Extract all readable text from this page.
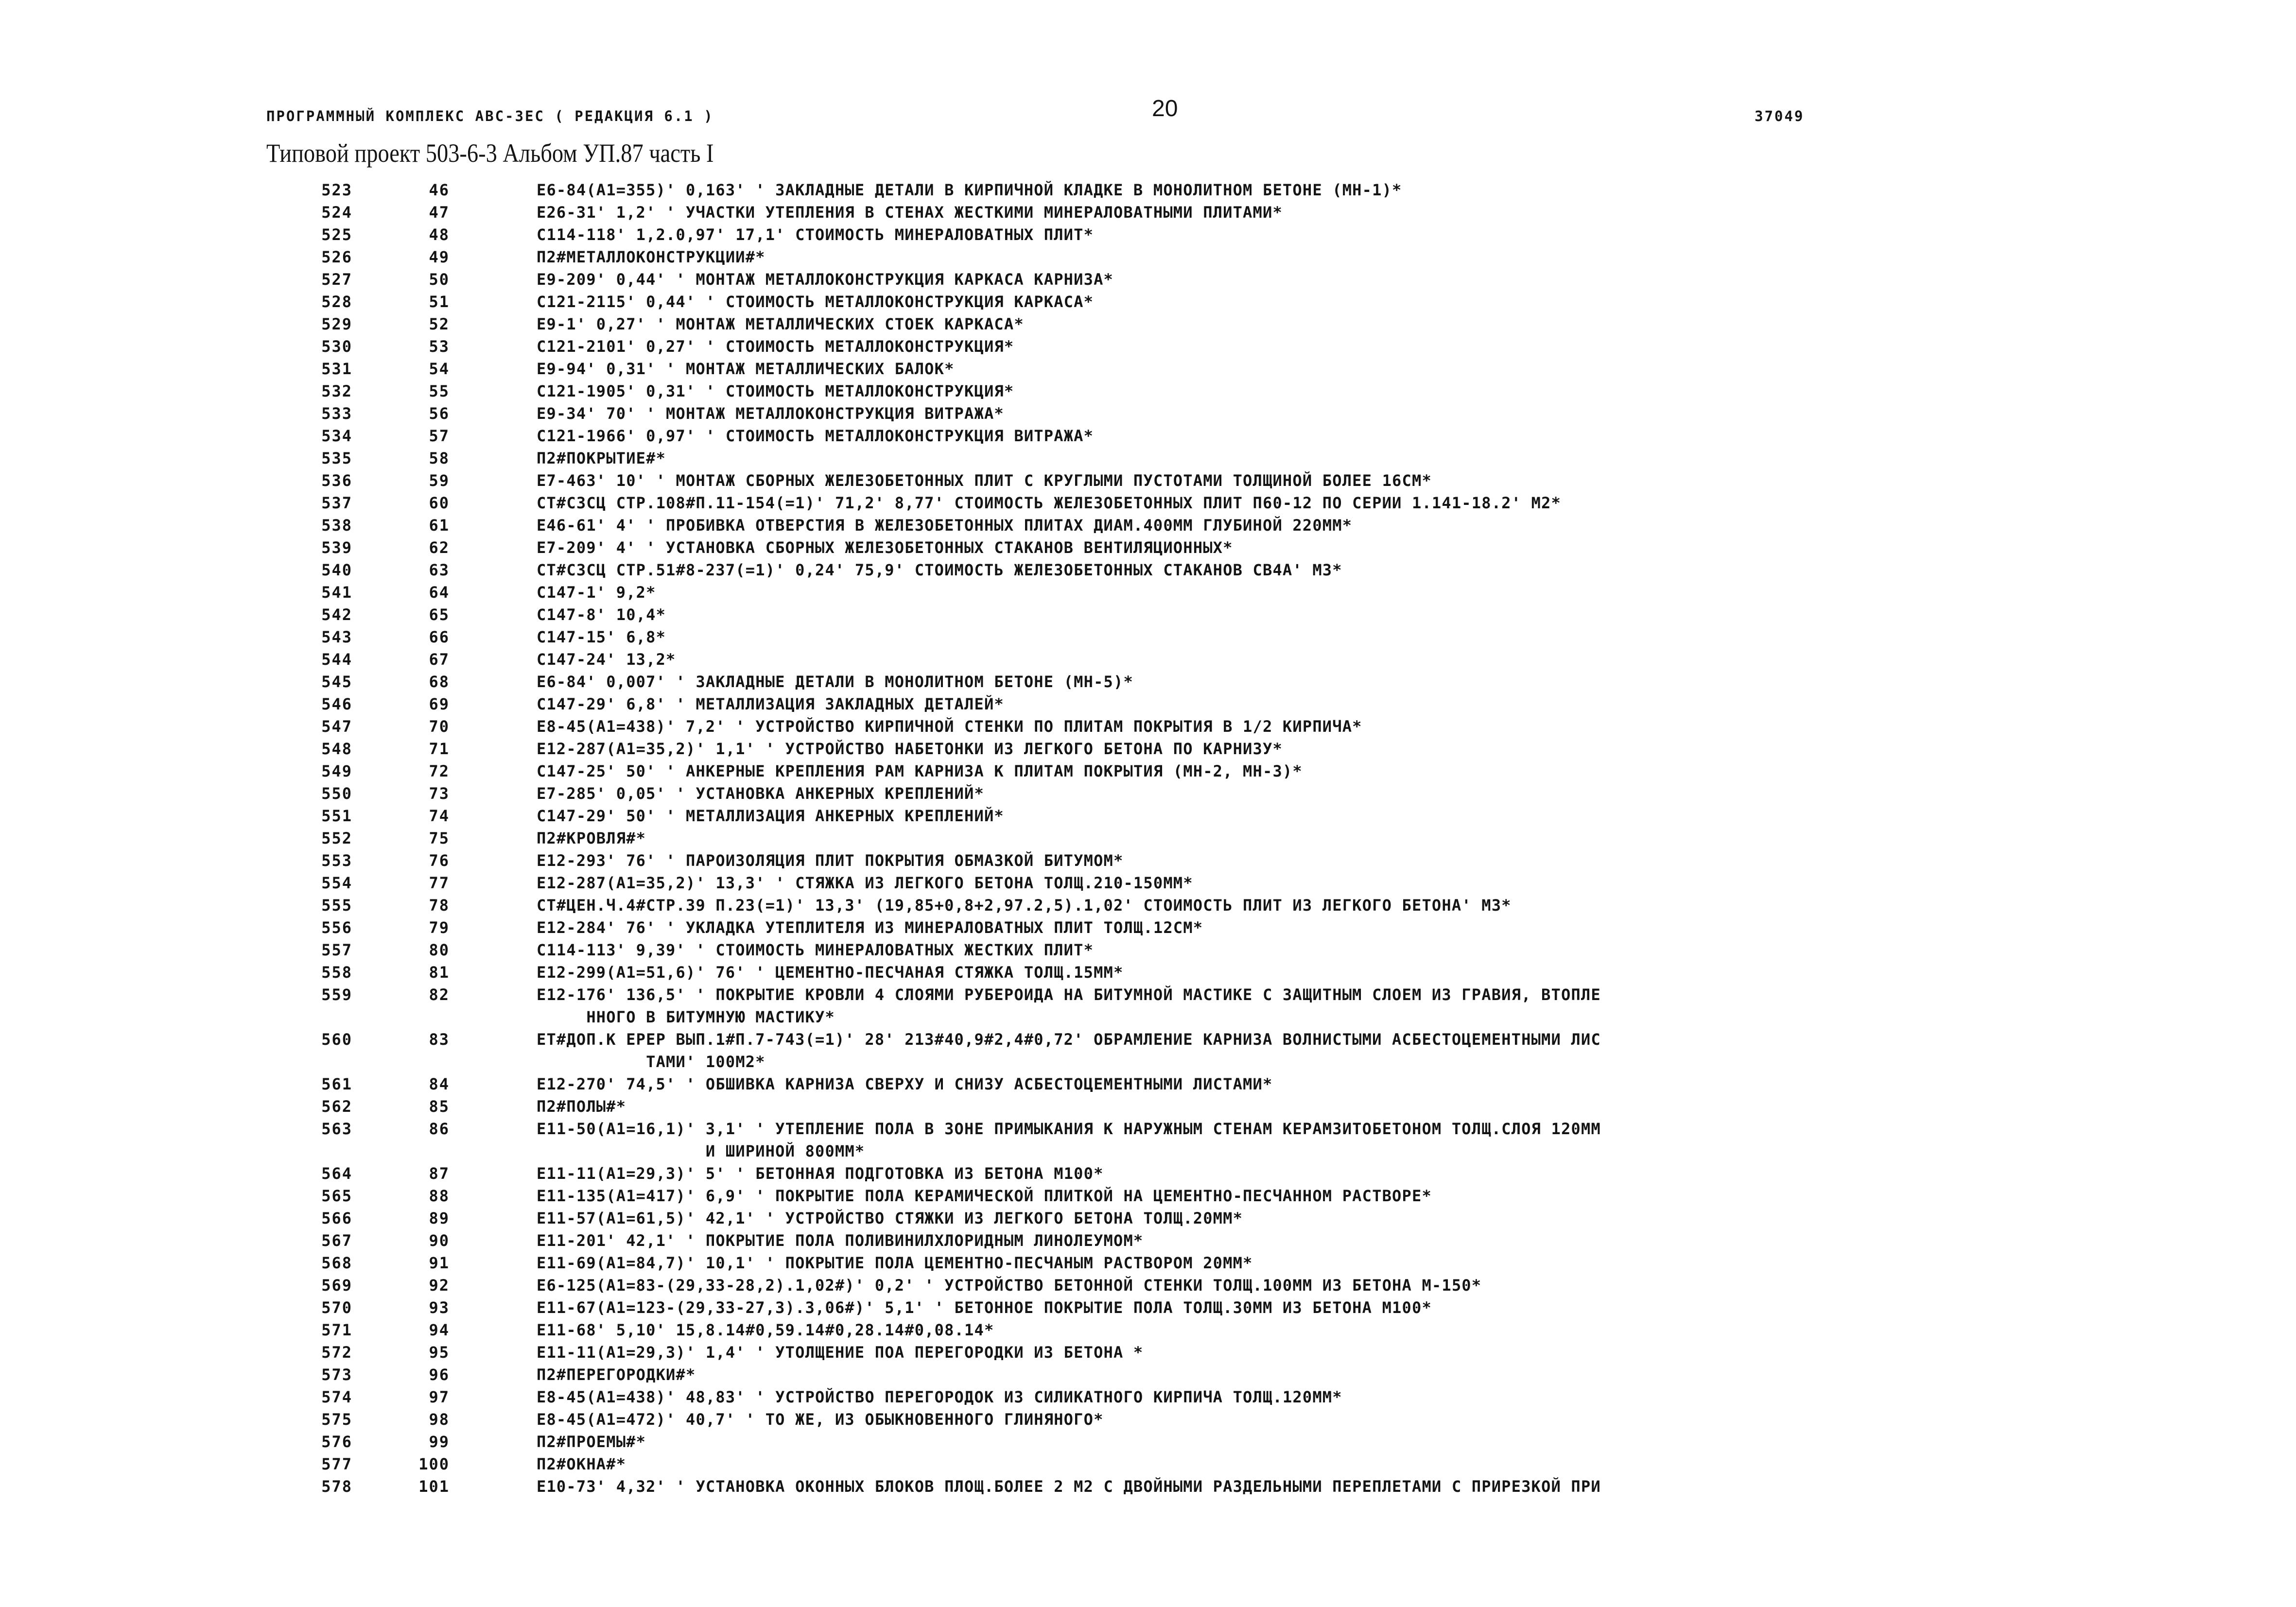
ПРОГРАММНЫЙ КОМПЛЕКС АВС-ЗЕС ( РЕДАКЦИЯ 6.1 )	20	37049
Типовой проект 503-6-3 Альбом УП.87 часть I
523	46	Е6-84(А1=355)' 0,163' ' ЗАКЛАДНЫЕ ДЕТАЛИ В КИРПИЧНОЙ КЛАДКЕ В МОНОЛИТНОМ БЕТОНЕ (МН-1)*
524	47	Е26-31' 1,2' ' УЧАСТКИ УТЕПЛЕНИЯ В СТЕНАХ ЖЕСТКИМИ МИНЕРАЛОВАТНЫМИ ПЛИТАМИ*
525	48	С114-118' 1,2.0,97' 17,1' СТОИМОСТЬ МИНЕРАЛОВАТНЫХ ПЛИТ*
526	49	П2#МЕТАЛЛОКОНСТРУКЦИИ#*
527	50	Е9-209' 0,44' ' МОНТАЖ МЕТАЛЛОКОНСТРУКЦИЯ КАРКАСА КАРНИЗА*
528	51	С121-2115' 0,44' ' СТОИМОСТЬ МЕТАЛЛОКОНСТРУКЦИЯ КАРКАСА*
529	52	Е9-1' 0,27' ' МОНТАЖ МЕТАЛЛИЧЕСКИХ СТОЕК КАРКАСА*
530	53	С121-2101' 0,27' ' СТОИМОСТЬ МЕТАЛЛОКОНСТРУКЦИЯ*
531	54	Е9-94' 0,31' ' МОНТАЖ МЕТАЛЛИЧЕСКИХ БАЛОК*
532	55	С121-1905' 0,31' ' СТОИМОСТЬ МЕТАЛЛОКОНСТРУКЦИЯ*
533	56	Е9-34' 70' ' МОНТАЖ МЕТАЛЛОКОНСТРУКЦИЯ ВИТРАЖА*
534	57	С121-1966' 0,97' ' СТОИМОСТЬ МЕТАЛЛОКОНСТРУКЦИЯ ВИТРАЖА*
535	58	П2#ПОКРЫТИЕ#*
536	59	Е7-463' 10' ' МОНТАЖ СБОРНЫХ ЖЕЛЕЗОБЕТОННЫХ ПЛИТ С КРУГЛЫМИ ПУСТОТАМИ ТОЛЩИНОЙ БОЛЕЕ 16СМ*
537	60	СТ#СЗСЦ СТР.108#П.11-154(=1)' 71,2' 8,77' СТОИМОСТЬ ЖЕЛЕЗОБЕТОННЫХ ПЛИТ П60-12 ПО СЕРИИ 1.141-18.2' М2*
538	61	Е46-61' 4' ' ПРОБИВКА ОТВЕРСТИЯ В ЖЕЛЕЗОБЕТОННЫХ ПЛИТАХ ДИАМ.400ММ ГЛУБИНОЙ 220ММ*
539	62	Е7-209' 4' ' УСТАНОВКА СБОРНЫХ ЖЕЛЕЗОБЕТОННЫХ СТАКАНОВ ВЕНТИЛЯЦИОННЫХ*
540	63	СТ#СЗСЦ СТР.51#8-237(=1)' 0,24' 75,9' СТОИМОСТЬ ЖЕЛЕЗОБЕТОННЫХ СТАКАНОВ СВ4А' М3*
541	64	С147-1' 9,2*
542	65	С147-8' 10,4*
543	66	С147-15' 6,8*
544	67	С147-24' 13,2*
545	68	Е6-84' 0,007' ' ЗАКЛАДНЫЕ ДЕТАЛИ В МОНОЛИТНОМ БЕТОНЕ (МН-5)*
546	69	С147-29' 6,8' ' МЕТАЛЛИЗАЦИЯ ЗАКЛАДНЫХ ДЕТАЛЕЙ*
547	70	Е8-45(А1=438)' 7,2' ' УСТРОЙСТВО КИРПИЧНОЙ СТЕНКИ ПО ПЛИТАМ ПОКРЫТИЯ В 1/2 КИРПИЧА*
548	71	Е12-287(А1=35,2)' 1,1' ' УСТРОЙСТВО НАБЕТОНКИ ИЗ ЛЕГКОГО БЕТОНА ПО КАРНИЗУ*
549	72	С147-25' 50' ' АНКЕРНЫЕ КРЕПЛЕНИЯ РАМ КАРНИЗА К ПЛИТАМ ПОКРЫТИЯ (МН-2, МН-3)*
550	73	Е7-285' 0,05' ' УСТАНОВКА АНКЕРНЫХ КРЕПЛЕНИЙ*
551	74	С147-29' 50' ' МЕТАЛЛИЗАЦИЯ АНКЕРНЫХ КРЕПЛЕНИЙ*
552	75	П2#КРОВЛЯ#*
553	76	Е12-293' 76' ' ПАРОИЗОЛЯЦИЯ ПЛИТ ПОКРЫТИЯ ОБМАЗКОЙ БИТУМОМ*
554	77	Е12-287(А1=35,2)' 13,3' ' СТЯЖКА ИЗ ЛЕГКОГО БЕТОНА ТОЛЩ.210-150ММ*
555	78	СТ#ЦЕН.Ч.4#СТР.39 П.23(=1)' 13,3' (19,85+0,8+2,97.2,5).1,02' СТОИМОСТЬ ПЛИТ ИЗ ЛЕГКОГО БЕТОНА' М3*
556	79	Е12-284' 76' ' УКЛАДКА УТЕПЛИТЕЛЯ ИЗ МИНЕРАЛОВАТНЫХ ПЛИТ ТОЛЩ.12СМ*
557	80	С114-113' 9,39' ' СТОИМОСТЬ МИНЕРАЛОВАТНЫХ ЖЕСТКИХ ПЛИТ*
558	81	Е12-299(А1=51,6)' 76' ' ЦЕМЕНТНО-ПЕСЧАНАЯ СТЯЖКА ТОЛЩ.15ММ*
559	82	Е12-176' 136,5' ' ПОКРЫТИЕ КРОВЛИ 4 СЛОЯМИ РУБЕРОИДА НА БИТУМНОЙ МАСТИКЕ С ЗАЩИТНЫМ СЛОЕМ ИЗ ГРАВИЯ, ВТОПЛЕ
ННОГО В БИТУМНУЮ МАСТИКУ*
560	83	ЕТ#ДОП.К ЕРЕР ВЫП.1#П.7-743(=1)' 28' 213#40,9#2,4#0,72' ОБРАМЛЕНИЕ КАРНИЗА ВОЛНИСТЫМИ АСБЕСТОЦЕМЕНТНЫМИ ЛИС
ТАМИ' 100М2*
561	84	Е12-270' 74,5' ' ОБШИВКА КАРНИЗА СВЕРХУ И СНИЗУ АСБЕСТОЦЕМЕНТНЫМИ ЛИСТАМИ*
562	85	П2#ПОЛЫ#*
563	86	Е11-50(А1=16,1)' 3,1' ' УТЕПЛЕНИЕ ПОЛА В ЗОНЕ ПРИМЫКАНИЯ К НАРУЖНЫМ СТЕНАМ КЕРАМЗИТОБЕТОНОМ ТОЛЩ.СЛОЯ 120ММ
И ШИРИНОЙ 800ММ*
564	87	Е11-11(А1=29,3)' 5' ' БЕТОННАЯ ПОДГОТОВКА ИЗ БЕТОНА М100*
565	88	Е11-135(А1=417)' 6,9' ' ПОКРЫТИЕ ПОЛА КЕРАМИЧЕСКОЙ ПЛИТКОЙ НА ЦЕМЕНТНО-ПЕСЧАННОМ РАСТВОРЕ*
566	89	Е11-57(А1=61,5)' 42,1' ' УСТРОЙСТВО СТЯЖКИ ИЗ ЛЕГКОГО БЕТОНА ТОЛЩ.20ММ*
567	90	Е11-201' 42,1' ' ПОКРЫТИЕ ПОЛА ПОЛИВИНИЛХЛОРИДНЫМ ЛИНОЛЕУМОМ*
568	91	Е11-69(А1=84,7)' 10,1' ' ПОКРЫТИЕ ПОЛА ЦЕМЕНТНО-ПЕСЧАНЫМ РАСТВОРОМ 20ММ*
569	92	Е6-125(А1=83-(29,33-28,2).1,02#)' 0,2' ' УСТРОЙСТВО БЕТОННОЙ СТЕНКИ ТОЛЩ.100ММ ИЗ БЕТОНА М-150*
570	93	Е11-67(А1=123-(29,33-27,3).3,06#)' 5,1' ' БЕТОННОЕ ПОКРЫТИЕ ПОЛА ТОЛЩ.30ММ ИЗ БЕТОНА М100*
571	94	Е11-68' 5,10' 15,8.14#0,59.14#0,28.14#0,08.14*
572	95	Е11-11(А1=29,3)' 1,4' ' УТОЛЩЕНИЕ ПОА ПЕРЕГОРОДКИ ИЗ БЕТОНА *
573	96	П2#ПЕРЕГОРОДКИ#*
574	97	Е8-45(А1=438)' 48,83' ' УСТРОЙСТВО ПЕРЕГОРОДОК ИЗ СИЛИКАТНОГО КИРПИЧА ТОЛЩ.120ММ*
575	98	Е8-45(А1=472)' 40,7' ' ТО ЖЕ, ИЗ ОБЫКНОВЕННОГО ГЛИНЯНОГО*
576	99	П2#ПРОЕМЫ#*
577	100	П2#ОКНА#*
578	101	Е10-73' 4,32' ' УСТАНОВКА ОКОННЫХ БЛОКОВ ПЛОЩ.БОЛЕЕ 2 М2 С ДВОЙНЫМИ РАЗДЕЛЬНЫМИ ПЕРЕПЛЕТАМИ С ПРИРЕЗКОЙ ПРИ
